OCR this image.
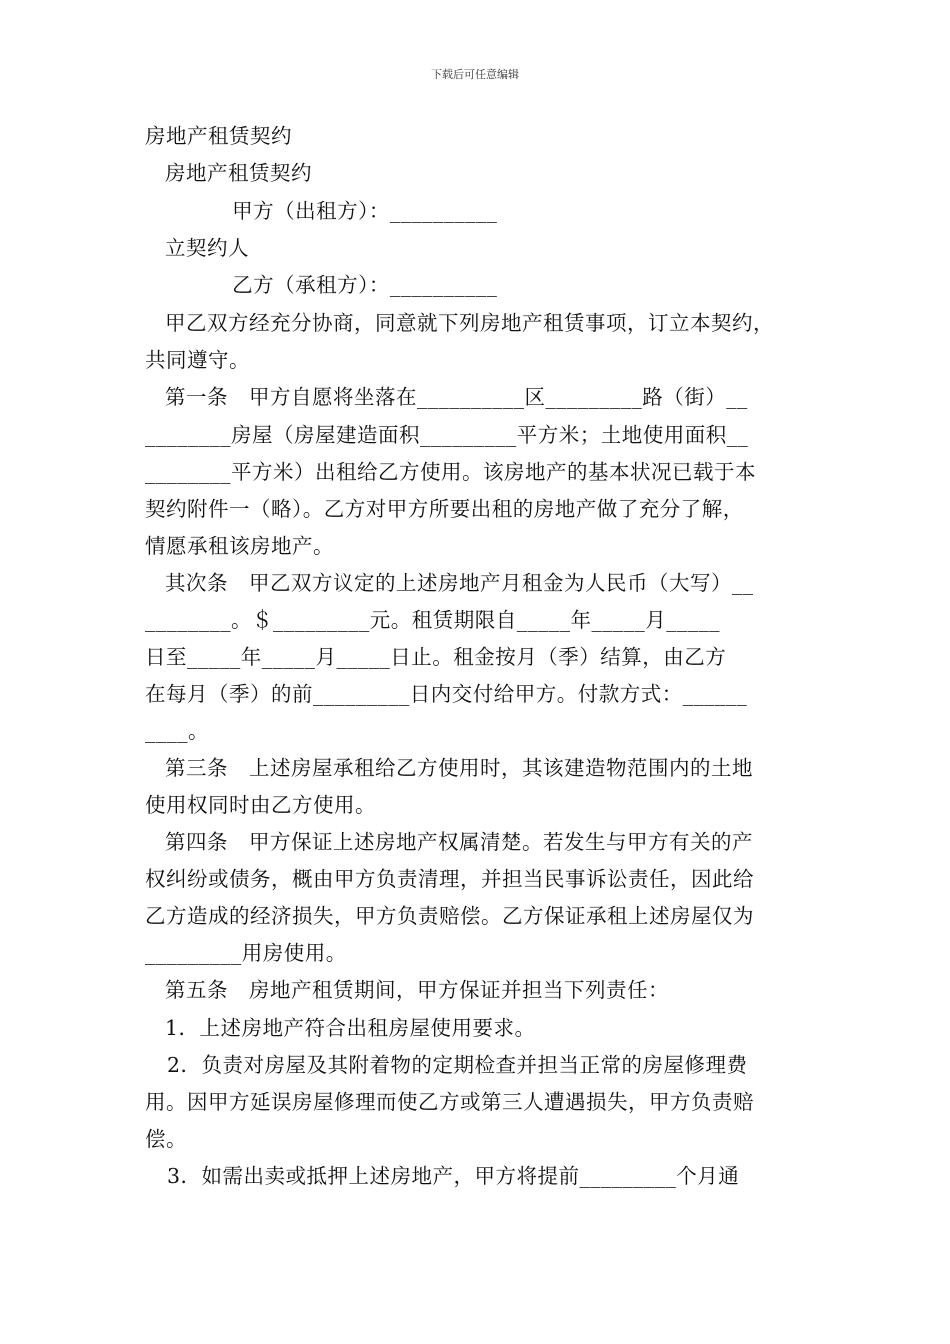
下载后可任意编辑
房地产租赁契约
房地产租赁契约
甲方（出租方）：__________
立契约人
乙方（承租方）：__________
甲乙双方经充分协商，同意就下列房地产租赁事项，订立本契约，
共同遵守。
第一条　甲方自愿将坐落在__________区_________路（街）__
________房屋（房屋建造面积_________平方米；土地使用面积__
________平方米）出租给乙方使用。该房地产的基本状况已载于本
契约附件一（略）。乙方对甲方所要出租的房地产做了充分了解，
情愿承租该房地产。
其次条　甲乙双方议定的上述房地产月租金为人民币（大写）__
________。＄_________元。租赁期限自_____年_____月_____
日至_____年_____月_____日止。租金按月（季）结算，由乙方
在每月（季）的前_________日内交付给甲方。付款方式：______
____。
第三条　上述房屋承租给乙方使用时，其该建造物范围内的土地
使用权同时由乙方使用。
第四条　甲方保证上述房地产权属清楚。若发生与甲方有关的产
权纠纷或债务，概由甲方负责清理，并担当民事诉讼责任，因此给
乙方造成的经济损失，甲方负责赔偿。乙方保证承租上述房屋仅为
_________用房使用。
第五条　房地产租赁期间，甲方保证并担当下列责任：
1．上述房地产符合出租房屋使用要求。
2．负责对房屋及其附着物的定期检查并担当正常的房屋修理费
用。因甲方延误房屋修理而使乙方或第三人遭遇损失，甲方负责赔
偿。
3．如需出卖或抵押上述房地产，甲方将提前_________个月通
